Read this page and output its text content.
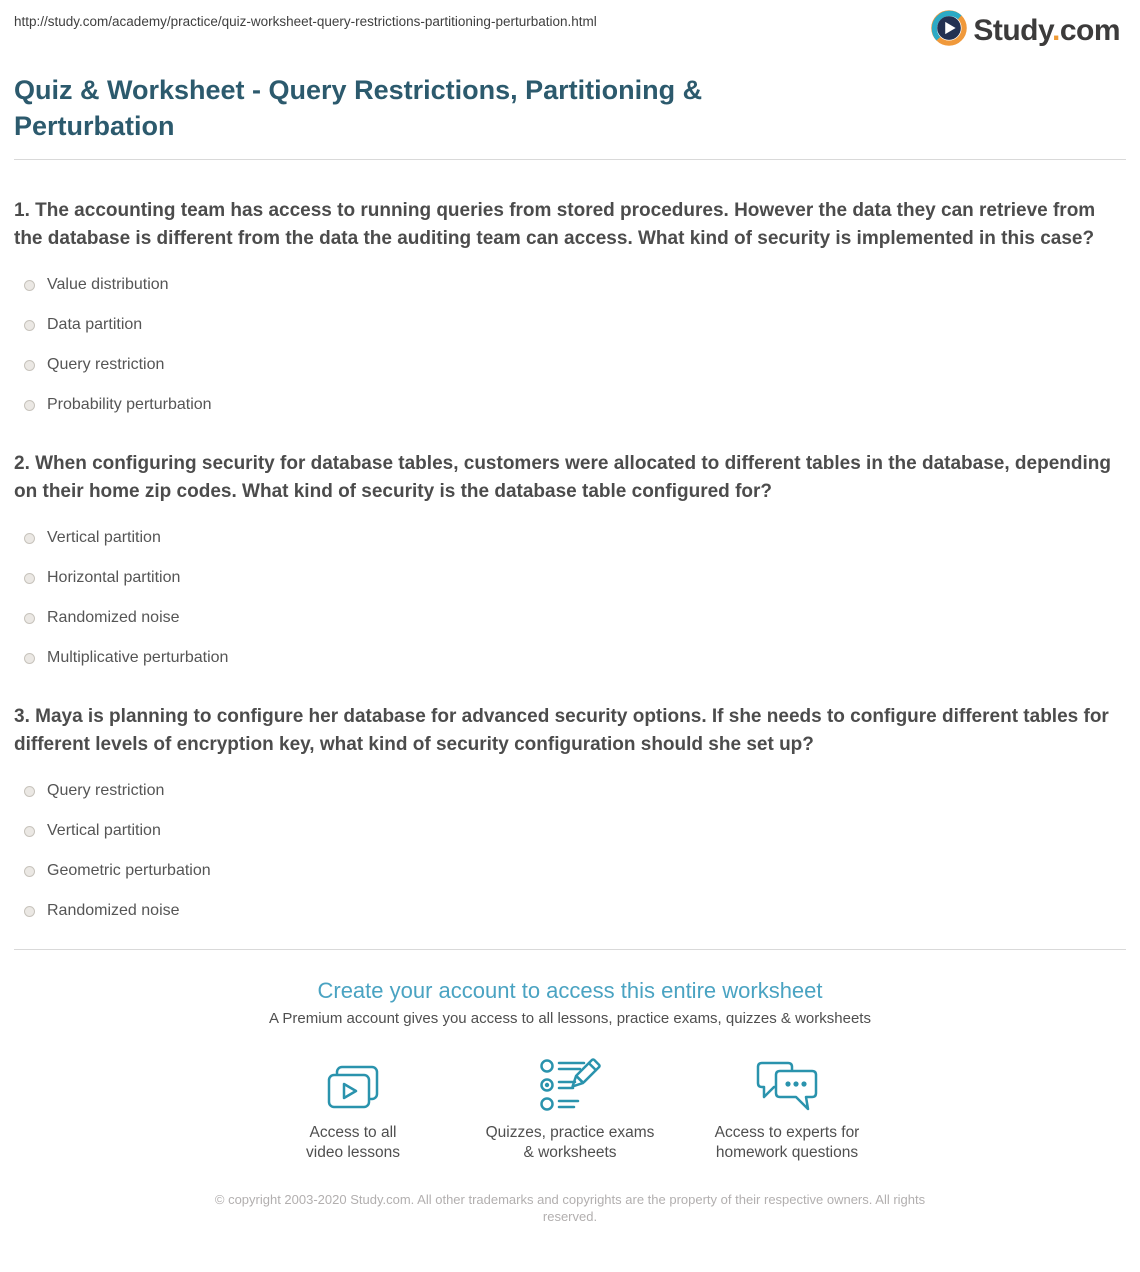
http://study.com/academy/practice/quiz-worksheet-query-restrictions-partitioning-perturbation.html	Study.com
Quiz & Worksheet - Query Restrictions, Partitioning & Perturbation

1. The accounting team has access to running queries from stored procedures. However the data they can retrieve from the database is different from the data the auditing team can access. What kind of security is implemented in this case?

Value distribution
Data partition
Query restriction
Probability perturbation

2. When configuring security for database tables, customers were allocated to different tables in the database, depending on their home zip codes. What kind of security is the database table configured for?

Vertical partition
Horizontal partition
Randomized noise
Multiplicative perturbation

3. Maya is planning to configure her database for advanced security options. If she needs to configure different tables for different levels of encryption key, what kind of security configuration should she set up?

Query restriction
Vertical partition
Geometric perturbation
Randomized noise
Create your account to access this entire worksheet
A Premium account gives you access to all lessons, practice exams, quizzes & worksheets
Access to all
video lessons
Quizzes, practice exams
& worksheets
Access to experts for
homework questions
© copyright 2003-2020 Study.com. All other trademarks and copyrights are the property of their respective owners. All rights reserved.
